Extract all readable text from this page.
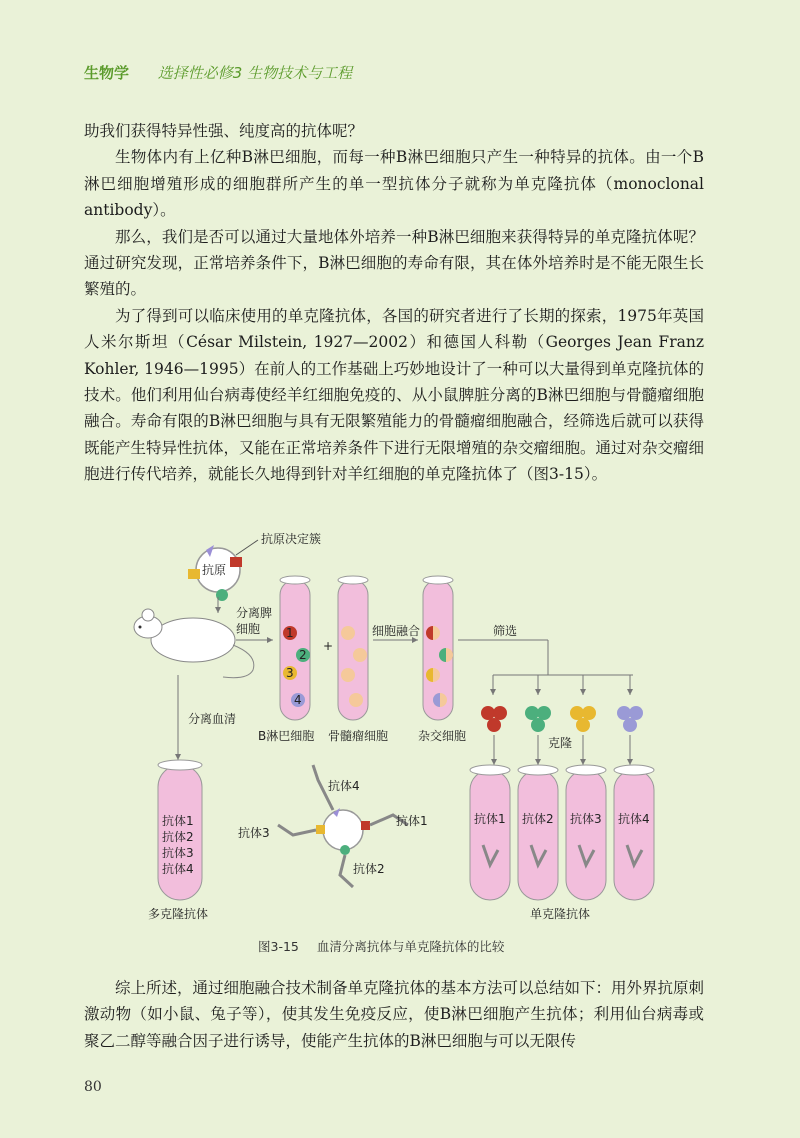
生物学 选择性必修3 生物技术与工程

助我们获得特异性强、纯度高的抗体呢？

生物体内有上亿种B淋巴细胞，而每一种B淋巴细胞只产生一种特异的抗体。由一个B淋巴细胞增殖形成的细胞群所产生的单一型抗体分子就称为单克隆抗体（monoclonal antibody）。

那么，我们是否可以通过大量地体外培养一种B淋巴细胞来获得特异的单克隆抗体呢？通过研究发现，正常培养条件下，B淋巴细胞的寿命有限，其在体外培养时是不能无限生长繁殖的。

为了得到可以临床使用的单克隆抗体，各国的研究者进行了长期的探索，1975年英国人米尔斯坦（César Milstein, 1927—2002）和德国人科勒（Georges Jean Franz Kohler, 1946—1995）在前人的工作基础上巧妙地设计了一种可以大量得到单克隆抗体的技术。他们利用仙台病毒使经羊红细胞免疫的、从小鼠脾脏分离的B淋巴细胞与骨髓瘤细胞融合。寿命有限的B淋巴细胞与具有无限繁殖能力的骨髓瘤细胞融合，经筛选后就可以获得既能产生特异性抗体，又能在正常培养条件下进行无限增殖的杂交瘤细胞。通过对杂交瘤细胞进行传代培养，就能长久地得到针对羊红细胞的单克隆抗体了（图3-15）。

抗原决定簇
抗原
分离脾
细胞 1
2
3
4
B淋巴细胞
+
骨髓瘤细胞
细胞融合
杂交细胞
筛选
克隆
抗体1 抗体2 抗体3 抗体4
单克隆抗体
分离血清
抗体1
抗体2
抗体3
抗体4
多克隆抗体
抗体4
抗体1
抗体3
抗体2
图3-15 血清分离抗体与单克隆抗体的比较

综上所述，通过细胞融合技术制备单克隆抗体的基本方法可以总结如下：用外界抗原刺激动物（如小鼠、兔子等），使其发生免疫反应，使B淋巴细胞产生抗体；利用仙台病毒或聚乙二醇等融合因子进行诱导，使能产生抗体的B淋巴细胞与可以无限传

80
